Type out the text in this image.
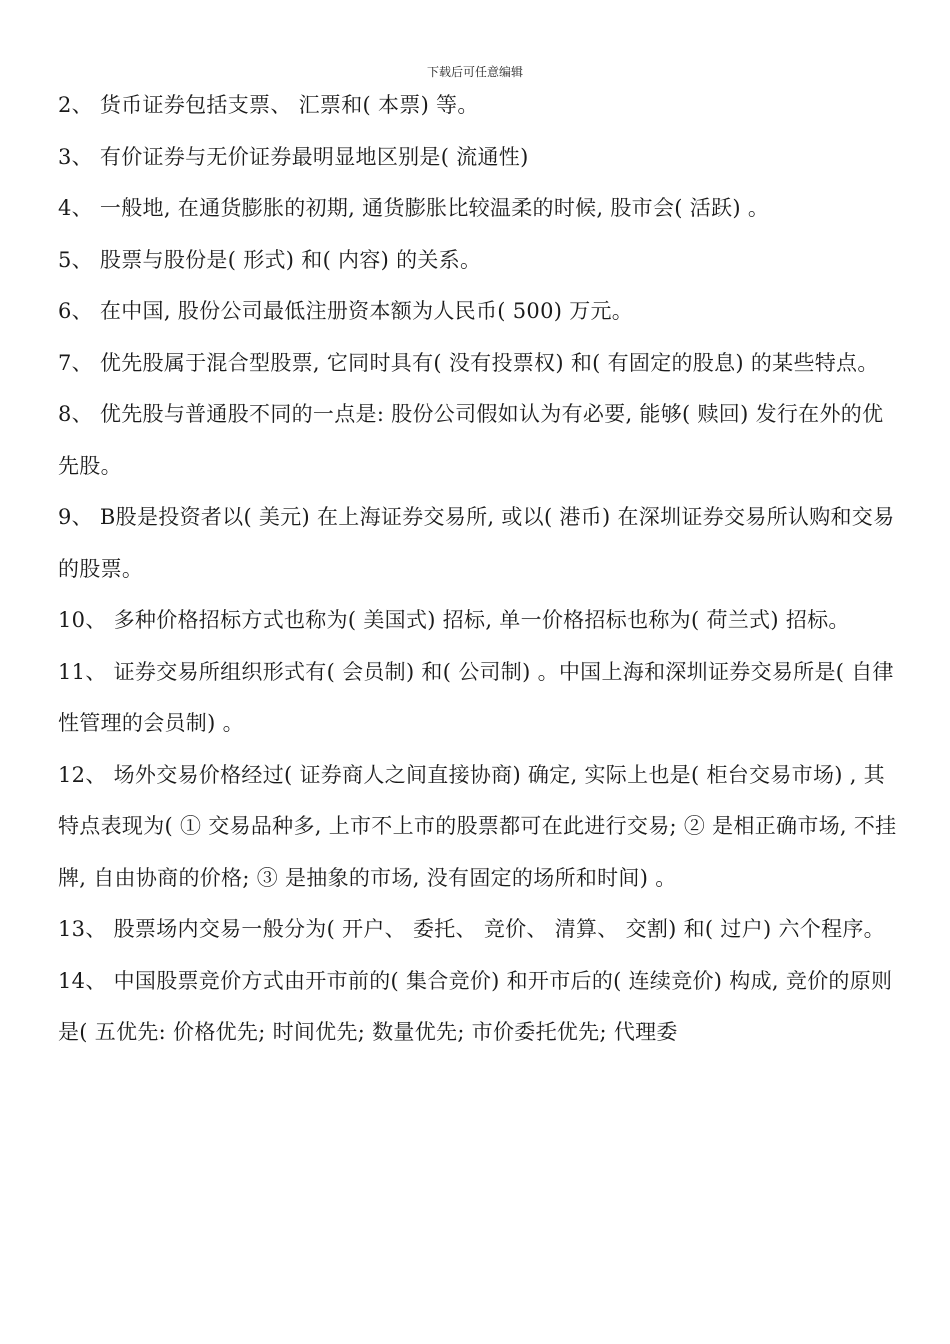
下载后可任意编辑

2、 货币证券包括支票、 汇票和( 本票) 等。

3、 有价证券与无价证券最明显地区别是( 流通性)

4、 一般地, 在通货膨胀的初期, 通货膨胀比较温柔的时候, 股市会( 活跃) 。

5、 股票与股份是( 形式) 和( 内容) 的关系。

6、 在中国, 股份公司最低注册资本额为人民币( 500) 万元。

7、 优先股属于混合型股票, 它同时具有( 没有投票权) 和( 有固定的股息) 的某些特点。

8、 优先股与普通股不同的一点是: 股份公司假如认为有必要, 能够( 赎回) 发行在外的优先股。

9、 B股是投资者以( 美元) 在上海证券交易所, 或以( 港币) 在深圳证券交易所认购和交易的股票。

10、 多种价格招标方式也称为( 美国式) 招标, 单一价格招标也称为( 荷兰式) 招标。

11、 证券交易所组织形式有( 会员制) 和( 公司制) 。中国上海和深圳证券交易所是( 自律性管理的会员制) 。

12、 场外交易价格经过( 证券商人之间直接协商) 确定, 实际上也是( 柜台交易市场) , 其特点表现为( ① 交易品种多, 上市不上市的股票都可在此进行交易; ② 是相正确市场, 不挂牌, 自由协商的价格; ③ 是抽象的市场, 没有固定的场所和时间) 。

13、 股票场内交易一般分为( 开户、 委托、 竞价、 清算、 交割) 和( 过户) 六个程序。

14、 中国股票竞价方式由开市前的( 集合竞价) 和开市后的( 连续竞价) 构成, 竞价的原则是( 五优先: 价格优先; 时间优先; 数量优先; 市价委托优先; 代理委
